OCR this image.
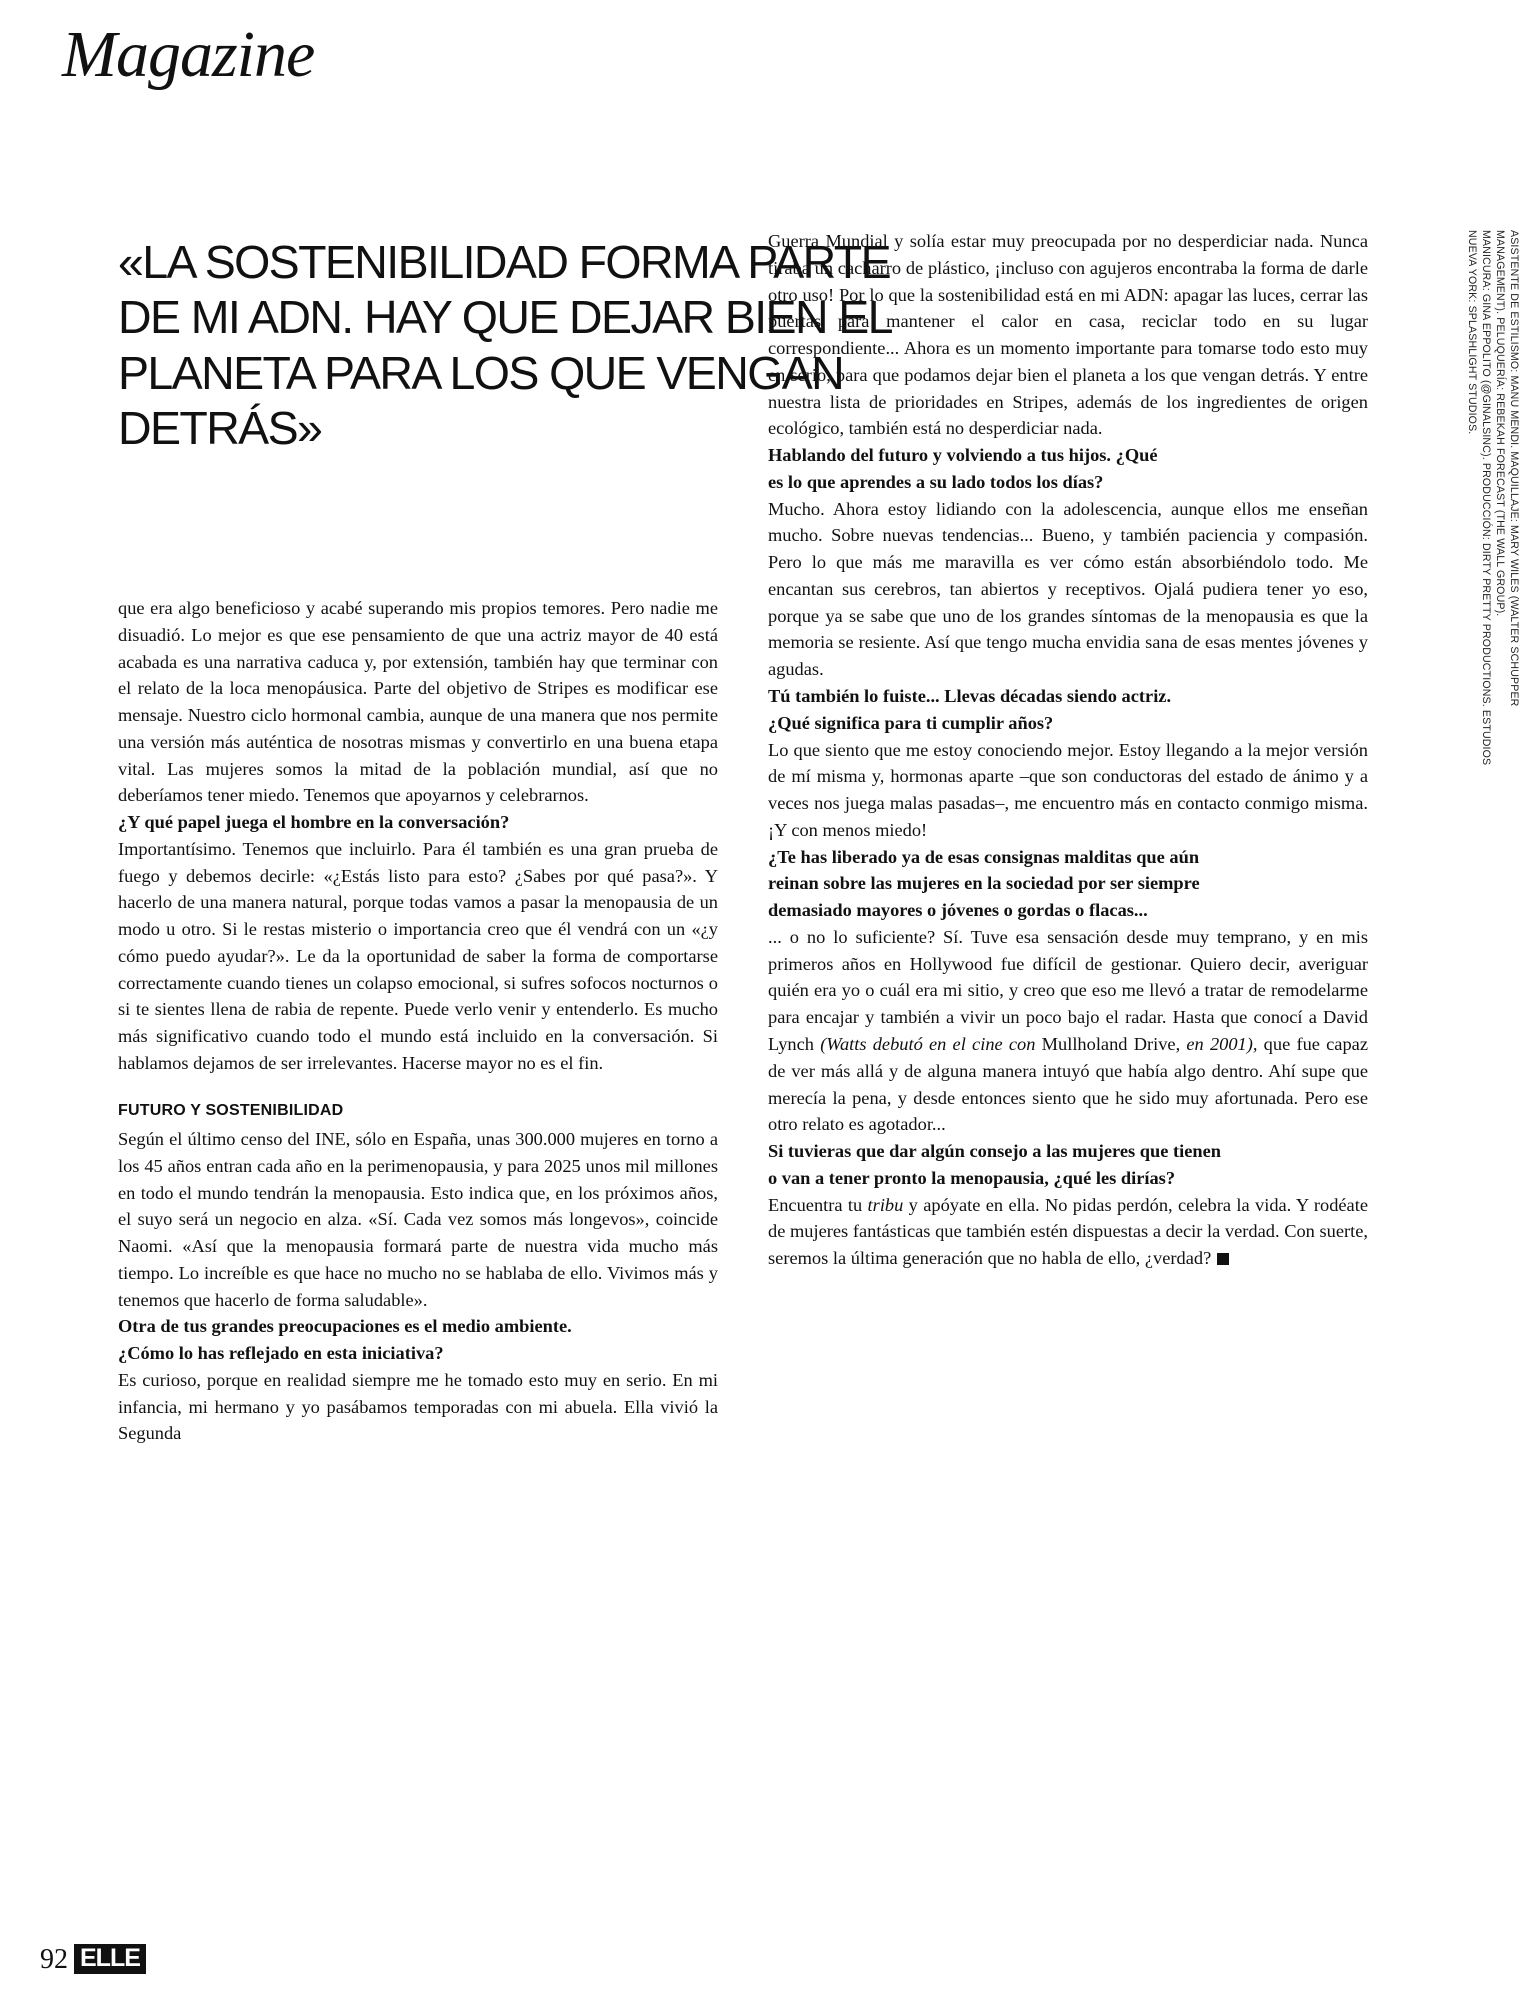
Magazine
«LA SOSTENIBILIDAD FORMA PARTE DE MI ADN. HAY QUE DEJAR BIEN EL PLANETA PARA LOS QUE VENGAN DETRÁS»

que era algo beneficioso y acabé superando mis propios temores. Pero nadie me disuadió. Lo mejor es que ese pensamiento de que una actriz mayor de 40 está acabada es una narrativa caduca y, por extensión, también hay que terminar con el relato de la loca menopáusica. Parte del objetivo de Stripes es modificar ese mensaje. Nuestro ciclo hormonal cambia, aunque de una manera que nos permite una versión más auténtica de nosotras mismas y convertirlo en una buena etapa vital. Las mujeres somos la mitad de la población mundial, así que no deberíamos tener miedo. Tenemos que apoyarnos y celebrarnos.

¿Y qué papel juega el hombre en la conversación?

Importantísimo. Tenemos que incluirlo. Para él también es una gran prueba de fuego y debemos decirle: «¿Estás listo para esto? ¿Sabes por qué pasa?». Y hacerlo de una manera natural, porque todas vamos a pasar la menopausia de un modo u otro. Si le restas misterio o importancia creo que él vendrá con un «¿y cómo puedo ayudar?». Le da la oportunidad de saber la forma de comportarse correctamente cuando tienes un colapso emocional, si sufres sofocos nocturnos o si te sientes llena de rabia de repente. Puede verlo venir y entenderlo. Es mucho más significativo cuando todo el mundo está incluido en la conversación. Si hablamos dejamos de ser irrelevantes. Hacerse mayor no es el fin.

FUTURO Y SOSTENIBILIDAD

Según el último censo del INE, sólo en España, unas 300.000 mujeres en torno a los 45 años entran cada año en la perimenopausia, y para 2025 unos mil millones en todo el mundo tendrán la menopausia. Esto indica que, en los próximos años, el suyo será un negocio en alza. «Sí. Cada vez somos más longevos», coincide Naomi. «Así que la menopausia formará parte de nuestra vida mucho más tiempo. Lo increíble es que hace no mucho no se hablaba de ello. Vivimos más y tenemos que hacerlo de forma saludable».

Otra de tus grandes preocupaciones es el medio ambiente.

¿Cómo lo has reflejado en esta iniciativa?

Es curioso, porque en realidad siempre me he tomado esto muy en serio. En mi infancia, mi hermano y yo pasábamos temporadas con mi abuela. Ella vivió la Segunda

Guerra Mundial y solía estar muy preocupada por no desperdiciar nada. Nunca tiraba un cacharro de plástico, ¡incluso con agujeros encontraba la forma de darle otro uso! Por lo que la sostenibilidad está en mi ADN: apagar las luces, cerrar las puertas para mantener el calor en casa, reciclar todo en su lugar correspondiente... Ahora es un momento importante para tomarse todo esto muy en serio, para que podamos dejar bien el planeta a los que vengan detrás. Y entre nuestra lista de prioridades en Stripes, además de los ingredientes de origen ecológico, también está no desperdiciar nada.

Hablando del futuro y volviendo a tus hijos. ¿Qué

es lo que aprendes a su lado todos los días?

Mucho. Ahora estoy lidiando con la adolescencia, aunque ellos me enseñan mucho. Sobre nuevas tendencias... Bueno, y también paciencia y compasión. Pero lo que más me maravilla es ver cómo están absorbiéndolo todo. Me encantan sus cerebros, tan abiertos y receptivos. Ojalá pudiera tener yo eso, porque ya se sabe que uno de los grandes síntomas de la menopausia es que la memoria se resiente. Así que tengo mucha envidia sana de esas mentes jóvenes y agudas.

Tú también lo fuiste... Llevas décadas siendo actriz.

¿Qué significa para ti cumplir años?

Lo que siento que me estoy conociendo mejor. Estoy llegando a la mejor versión de mí misma y, hormonas aparte –que son conductoras del estado de ánimo y a veces nos juega malas pasadas–, me encuentro más en contacto conmigo misma. ¡Y con menos miedo!

¿Te has liberado ya de esas consignas malditas que aún

reinan sobre las mujeres en la sociedad por ser siempre

demasiado mayores o jóvenes o gordas o flacas...

... o no lo suficiente? Sí. Tuve esa sensación desde muy temprano, y en mis primeros años en Hollywood fue difícil de gestionar. Quiero decir, averiguar quién era yo o cuál era mi sitio, y creo que eso me llevó a tratar de remodelarme para encajar y también a vivir un poco bajo el radar. Hasta que conocí a David Lynch (Watts debutó en el cine con Mullholand Drive, en 2001), que fue capaz de ver más allá y de alguna manera intuyó que había algo dentro. Ahí supe que merecía la pena, y desde entonces siento que he sido muy afortunada. Pero ese otro relato es agotador...

Si tuvieras que dar algún consejo a las mujeres que tienen

o van a tener pronto la menopausia, ¿qué les dirías?

Encuentra tu tribu y apóyate en ella. No pidas perdón, celebra la vida. Y rodéate de mujeres fantásticas que también estén dispuestas a decir la verdad. Con suerte, seremos la última generación que no habla de ello, ¿verdad?

ASISTENTE DE ESTILISMO: MANU MENDI. MAQUILLAJE: MARY WILES (WALTER SCHUPPER MANAGEMENT). PELUQUERÍA: REBEKAH FORECAST (THE WALL GROUP).
MANICURA: GINA EPPOLITO (@GINALSINC). PRODUCCIÓN: DIRTY PRETTY PRODUCTIONS. ESTUDIOS NUEVA YORK: SPLASHLIGHT STUDIOS.
92 ELLE
